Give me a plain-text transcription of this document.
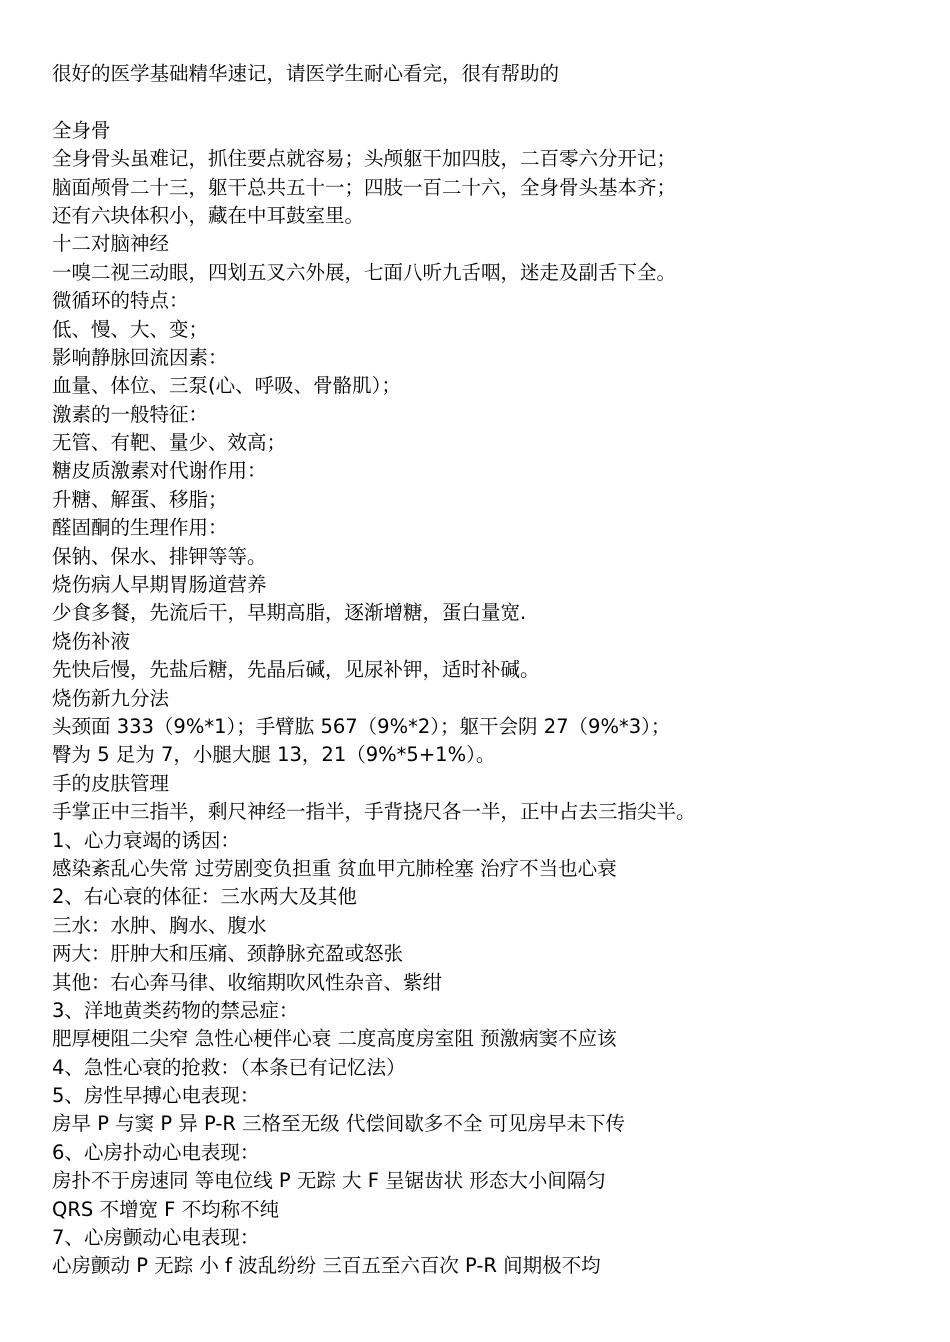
很好的医学基础精华速记，请医学生耐心看完，很有帮助的
全身骨
全身骨头虽难记，抓住要点就容易；头颅躯干加四肢，二百零六分开记；
脑面颅骨二十三，躯干总共五十一；四肢一百二十六，全身骨头基本齐；
还有六块体积小，藏在中耳鼓室里。
十二对脑神经
一嗅二视三动眼，四划五叉六外展，七面八听九舌咽，迷走及副舌下全。
微循环的特点：
低、慢、大、变；
影响静脉回流因素：
血量、体位、三泵(心、呼吸、骨骼肌）；
激素的一般特征：
无管、有靶、量少、效高；
糖皮质激素对代谢作用：
升糖、解蛋、移脂；
醛固酮的生理作用：
保钠、保水、排钾等等。
烧伤病人早期胃肠道营养
少食多餐，先流后干，早期高脂，逐渐增糖，蛋白量宽.
烧伤补液
先快后慢，先盐后糖，先晶后碱，见尿补钾，适时补碱。
烧伤新九分法
头颈面 333（9%*1）；手臂肱 567（9%*2）；躯干会阴 27（9%*3）；
臀为 5 足为 7，小腿大腿 13，21（9%*5+1%）。
手的皮肤管理
手掌正中三指半，剩尺神经一指半，手背挠尺各一半，正中占去三指尖半。
1、心力衰竭的诱因：
感染紊乱心失常 过劳剧变负担重 贫血甲亢肺栓塞 治疗不当也心衰
2、右心衰的体征：三水两大及其他
三水：水肿、胸水、腹水
两大：肝肿大和压痛、颈静脉充盈或怒张
其他：右心奔马律、收缩期吹风性杂音、紫绀
3、洋地黄类药物的禁忌症：
肥厚梗阻二尖窄 急性心梗伴心衰 二度高度房室阻 预激病窦不应该
4、急性心衰的抢救：（本条已有记忆法）
5、房性早搏心电表现：
房早 P 与窦 P 异 P-R 三格至无级 代偿间歇多不全 可见房早未下传
6、心房扑动心电表现：
房扑不于房速同 等电位线 P 无踪 大 F 呈锯齿状 形态大小间隔匀
QRS 不增宽 F 不均称不纯
7、心房颤动心电表现：
心房颤动 P 无踪 小 f 波乱纷纷 三百五至六百次 P-R 间期极不均
